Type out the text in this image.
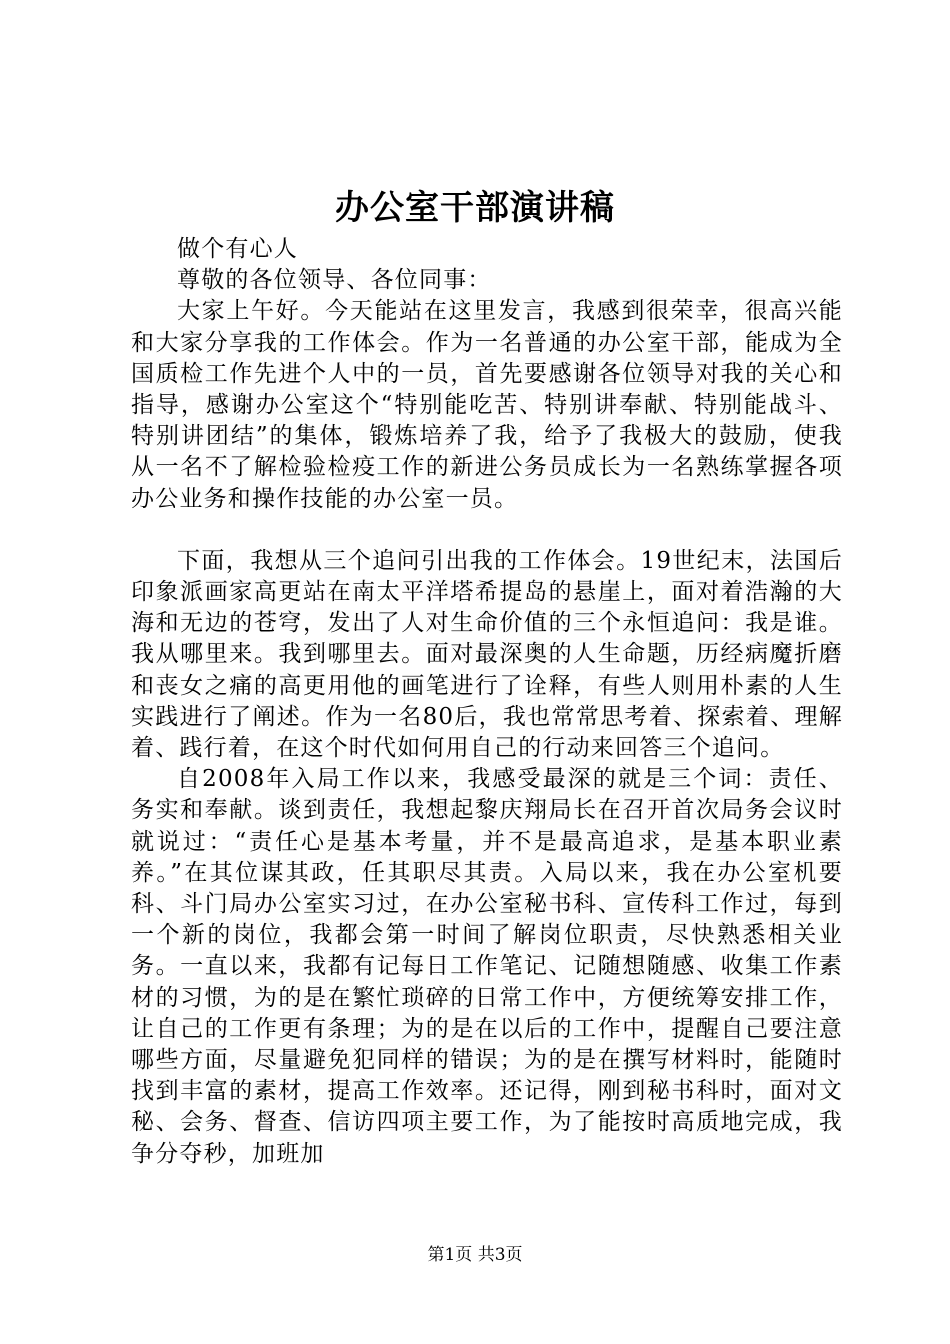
办公室干部演讲稿

做个有心人

尊敬的各位领导、各位同事：

大家上午好。今天能站在这里发言，我感到很荣幸，很高兴能和大家分享我的工作体会。作为一名普通的办公室干部，能成为全国质检工作先进个人中的一员，首先要感谢各位领导对我的关心和指导，感谢办公室这个“特别能吃苦、特别讲奉献、特别能战斗、特别讲团结”的集体，锻炼培养了我，给予了我极大的鼓励，使我从一名不了解检验检疫工作的新进公务员成长为一名熟练掌握各项办公业务和操作技能的办公室一员。

下面，我想从三个追问引出我的工作体会。19世纪末，法国后印象派画家高更站在南太平洋塔希提岛的悬崖上，面对着浩瀚的大海和无边的苍穹，发出了人对生命价值的三个永恒追问：我是谁。我从哪里来。我到哪里去。面对最深奥的人生命题，历经病魔折磨和丧女之痛的高更用他的画笔进行了诠释，有些人则用朴素的人生实践进行了阐述。作为一名80后，我也常常思考着、探索着、理解着、践行着，在这个时代如何用自己的行动来回答三个追问。

自2008年入局工作以来，我感受最深的就是三个词：责任、务实和奉献。谈到责任，我想起黎庆翔局长在召开首次局务会议时就说过：“责任心是基本考量，并不是最高追求，是基本职业素养。”在其位谋其政，任其职尽其责。入局以来，我在办公室机要科、斗门局办公室实习过，在办公室秘书科、宣传科工作过，每到一个新的岗位，我都会第一时间了解岗位职责，尽快熟悉相关业务。一直以来，我都有记每日工作笔记、记随想随感、收集工作素材的习惯，为的是在繁忙琐碎的日常工作中，方便统筹安排工作，让自己的工作更有条理；为的是在以后的工作中，提醒自己要注意哪些方面，尽量避免犯同样的错误；为的是在撰写材料时，能随时找到丰富的素材，提高工作效率。还记得，刚到秘书科时，面对文秘、会务、督查、信访四项主要工作，为了能按时高质地完成，我争分夺秒，加班加

第1页 共3页
